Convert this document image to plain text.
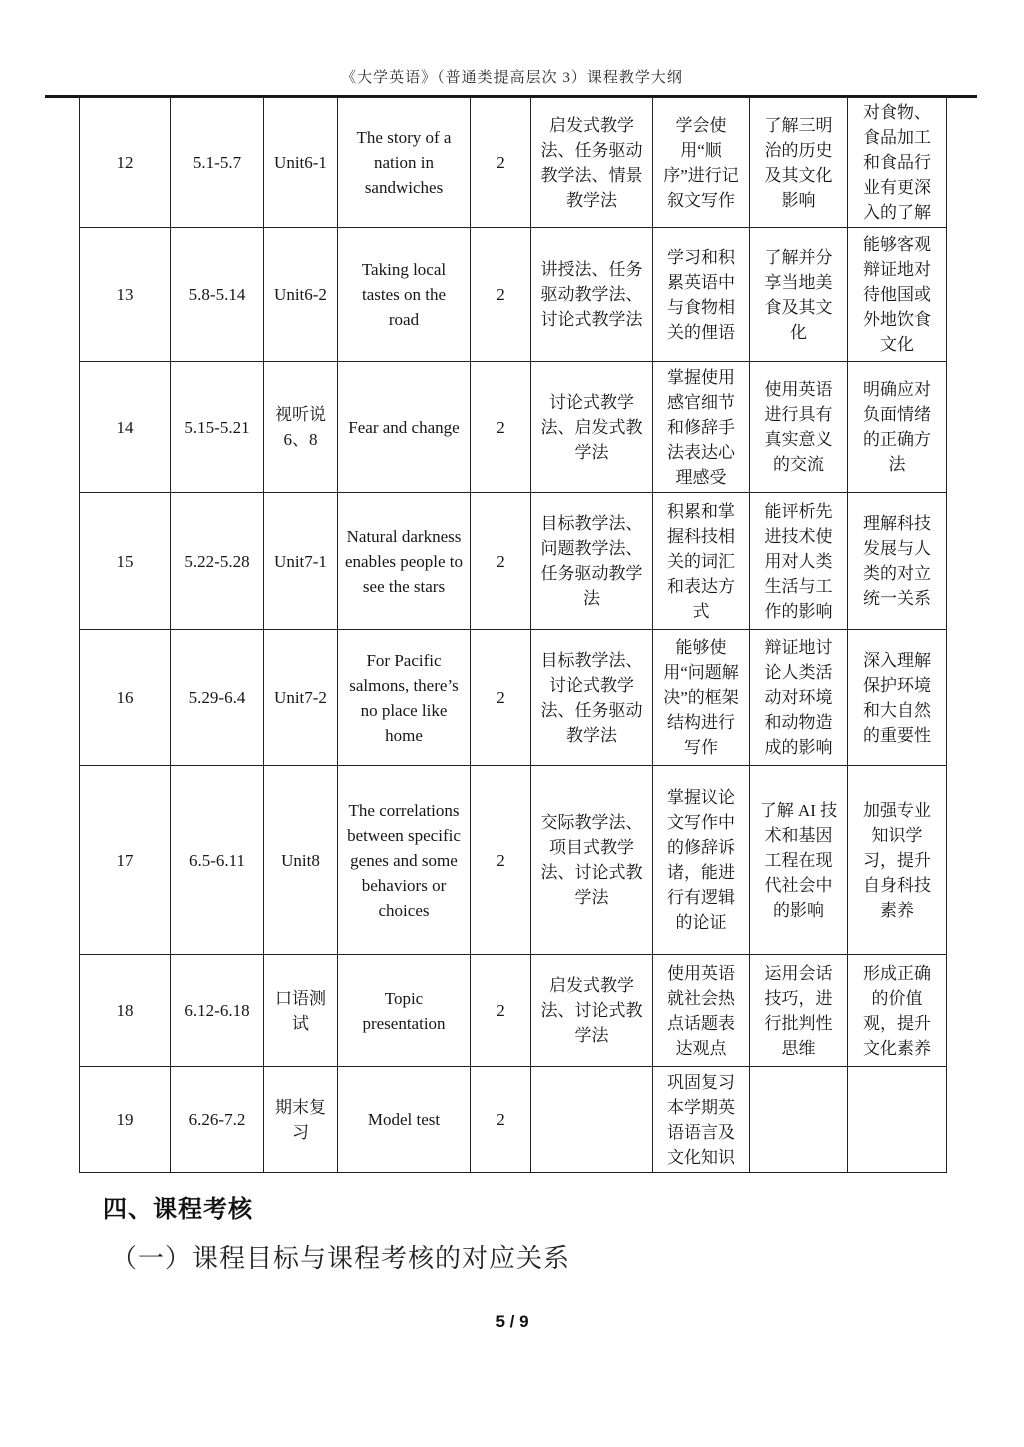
《大学英语》（普通类提高层次 3）课程教学大纲
12	5.1-5.7	Unit6-1	The story of a nation in sandwiches	2	启发式教学法、任务驱动教学法、情景教学法	学会使用“顺序”进行记叙文写作	了解三明治的历史及其文化影响	对食物、食品加工和食品行业有更深入的了解
13	5.8-5.14	Unit6-2	Taking local tastes on the road	2	讲授法、任务驱动教学法、讨论式教学法	学习和积累英语中与食物相关的俚语	了解并分享当地美食及其文化	能够客观辩证地对待他国或外地饮食文化
14	5.15-5.21	视听说 6、8	Fear and change	2	讨论式教学法、启发式教学法	掌握使用感官细节和修辞手法表达心理感受	使用英语进行具有真实意义的交流	明确应对负面情绪的正确方法
15	5.22-5.28	Unit7-1	Natural darkness enables people to see the stars	2	目标教学法、问题教学法、任务驱动教学法	积累和掌握科技相关的词汇和表达方式	能评析先进技术使用对人类生活与工作的影响	理解科技发展与人类的对立统一关系
16	5.29-6.4	Unit7-2	For Pacific salmons, there’s no place like home	2	目标教学法、讨论式教学法、任务驱动教学法	能够使用“问题解决”的框架结构进行写作	辩证地讨论人类活动对环境和动物造成的影响	深入理解保护环境和大自然的重要性
17	6.5-6.11	Unit8	The correlations between specific genes and some behaviors or choices	2	交际教学法、项目式教学法、讨论式教学法	掌握议论文写作中的修辞诉诸，能进行有逻辑的论证	了解 AI 技术和基因工程在现代社会中的影响	加强专业知识学习，提升自身科技素养
18	6.12-6.18	口语测试	Topic presentation	2	启发式教学法、讨论式教学法	使用英语就社会热点话题表达观点	运用会话技巧，进行批判性思维	形成正确的价值观，提升文化素养
19	6.26-7.2	期末复习	Model test	2		巩固复习本学期英语语言及文化知识		
四、课程考核
（一）课程目标与课程考核的对应关系
5 / 9
